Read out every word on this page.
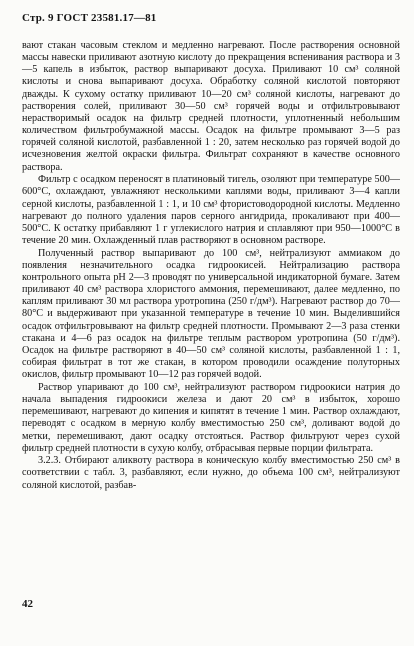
Стр. 9 ГОСТ 23581.17—81

вают стакан часовым стеклом и медленно нагревают. После растворения основной массы навески приливают азотную кислоту до прекращения вспенивания раствора и 3—5 капель в избыток, раствор выпаривают досуха. Приливают 10 см³ соляной кислоты и снова выпаривают досуха. Обработку соляной кислотой повторяют дважды. К сухому остатку приливают 10—20 см³ соляной кислоты, нагревают до растворения солей, приливают 30—50 см³ горячей воды и отфильтровывают нерастворимый осадок на фильтр средней плотности, уплотненный небольшим количеством фильтробумажной массы. Осадок на фильтре промывают 3—5 раз горячей соляной кислотой, разбавленной 1 : 20, затем несколько раз горячей водой до исчезновения желтой окраски фильтра. Фильтрат сохраняют в качестве основного раствора.

Фильтр с осадком переносят в платиновый тигель, озоляют при температуре 500—600°С, охлаждают, увлажняют несколькими каплями воды, приливают 3—4 капли серной кислоты, разбавленной 1 : 1, и 10 см³ фтористоводородной кислоты. Медленно нагревают до полного удаления паров серного ангидрида, прокаливают при 400—500°С. К остатку прибавляют 1 г углекислого натрия и сплавляют при 950—1000°С в течение 20 мин. Охлажденный плав растворяют в основном растворе.

Полученный раствор выпаривают до 100 см³, нейтрализуют аммиаком до появления незначительного осадка гидроокисей. Нейтрализацию раствора контрольного опыта pH 2—3 проводят по универсальной индикаторной бумаге. Затем приливают 40 см³ раствора хлористого аммония, перемешивают, далее медленно, по каплям приливают 30 мл раствора уротропина (250 г/дм³). Нагревают раствор до 70—80°С и выдерживают при указанной температуре в течение 10 мин. Выделившийся осадок отфильтровывают на фильтр средней плотности. Промывают 2—3 раза стенки стакана и 4—6 раз осадок на фильтре теплым раствором уротропина (50 г/дм³). Осадок на фильтре растворяют в 40—50 см³ соляной кислоты, разбавленной 1 : 1, собирая фильтрат в тот же стакан, в котором проводили осаждение полуторных окислов, фильтр промывают 10—12 раз горячей водой.

Раствор упаривают до 100 см³, нейтрализуют раствором гидроокиси натрия до начала выпадения гидроокиси железа и дают 20 см³ в избыток, хорошо перемешивают, нагревают до кипения и кипятят в течение 1 мин. Раствор охлаждают, переводят с осадком в мерную колбу вместимостью 250 см³, доливают водой до метки, перемешивают, дают осадку отстояться. Раствор фильтруют через сухой фильтр средней плотности в сухую колбу, отбрасывая первые порции фильтрата.

3.2.3. Отбирают аликвоту раствора в коническую колбу вместимостью 250 см³ в соответствии с табл. 3, разбавляют, если нужно, до объема 100 см³, нейтрализуют соляной кислотой, разбав-

42
